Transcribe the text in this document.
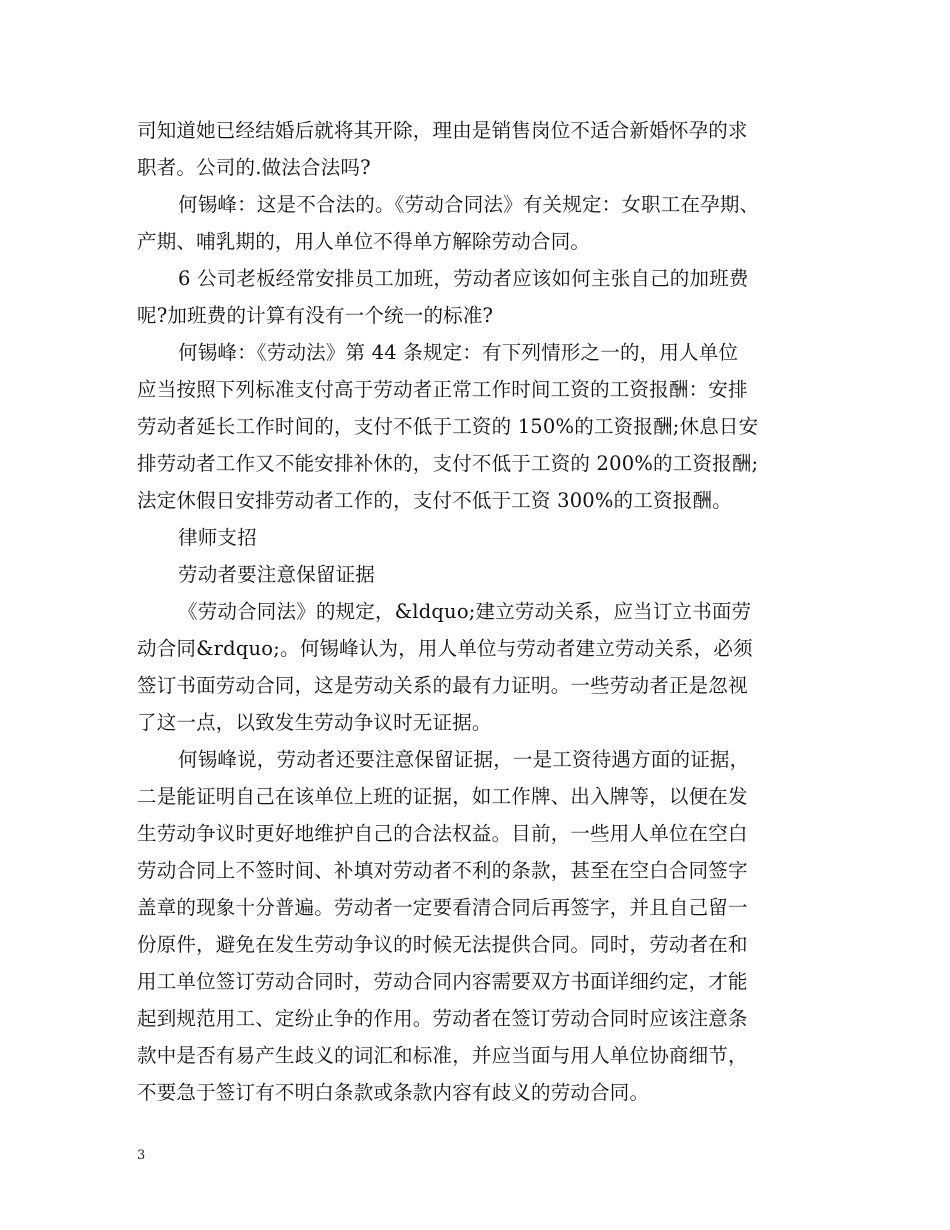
司知道她已经结婚后就将其开除，理由是销售岗位不适合新婚怀孕的求
职者。公司的.做法合法吗?
何锡峰：这是不合法的。《劳动合同法》有关规定：女职工在孕期、
产期、哺乳期的，用人单位不得单方解除劳动合同。
6 公司老板经常安排员工加班，劳动者应该如何主张自己的加班费
呢?加班费的计算有没有一个统一的标准?
何锡峰：《劳动法》第 44 条规定：有下列情形之一的，用人单位
应当按照下列标准支付高于劳动者正常工作时间工资的工资报酬：安排
劳动者延长工作时间的，支付不低于工资的 150%的工资报酬;休息日安
排劳动者工作又不能安排补休的，支付不低于工资的 200%的工资报酬;
法定休假日安排劳动者工作的，支付不低于工资 300%的工资报酬。
律师支招
劳动者要注意保留证据
《劳动合同法》的规定，&ldquo;建立劳动关系，应当订立书面劳
动合同&rdquo;。何锡峰认为，用人单位与劳动者建立劳动关系，必须
签订书面劳动合同，这是劳动关系的最有力证明。一些劳动者正是忽视
了这一点，以致发生劳动争议时无证据。
何锡峰说，劳动者还要注意保留证据，一是工资待遇方面的证据，
二是能证明自己在该单位上班的证据，如工作牌、出入牌等，以便在发
生劳动争议时更好地维护自己的合法权益。目前，一些用人单位在空白
劳动合同上不签时间、补填对劳动者不利的条款，甚至在空白合同签字
盖章的现象十分普遍。劳动者一定要看清合同后再签字，并且自己留一
份原件，避免在发生劳动争议的时候无法提供合同。同时，劳动者在和
用工单位签订劳动合同时，劳动合同内容需要双方书面详细约定，才能
起到规范用工、定纷止争的作用。劳动者在签订劳动合同时应该注意条
款中是否有易产生歧义的词汇和标准，并应当面与用人单位协商细节，
不要急于签订有不明白条款或条款内容有歧义的劳动合同。
3
